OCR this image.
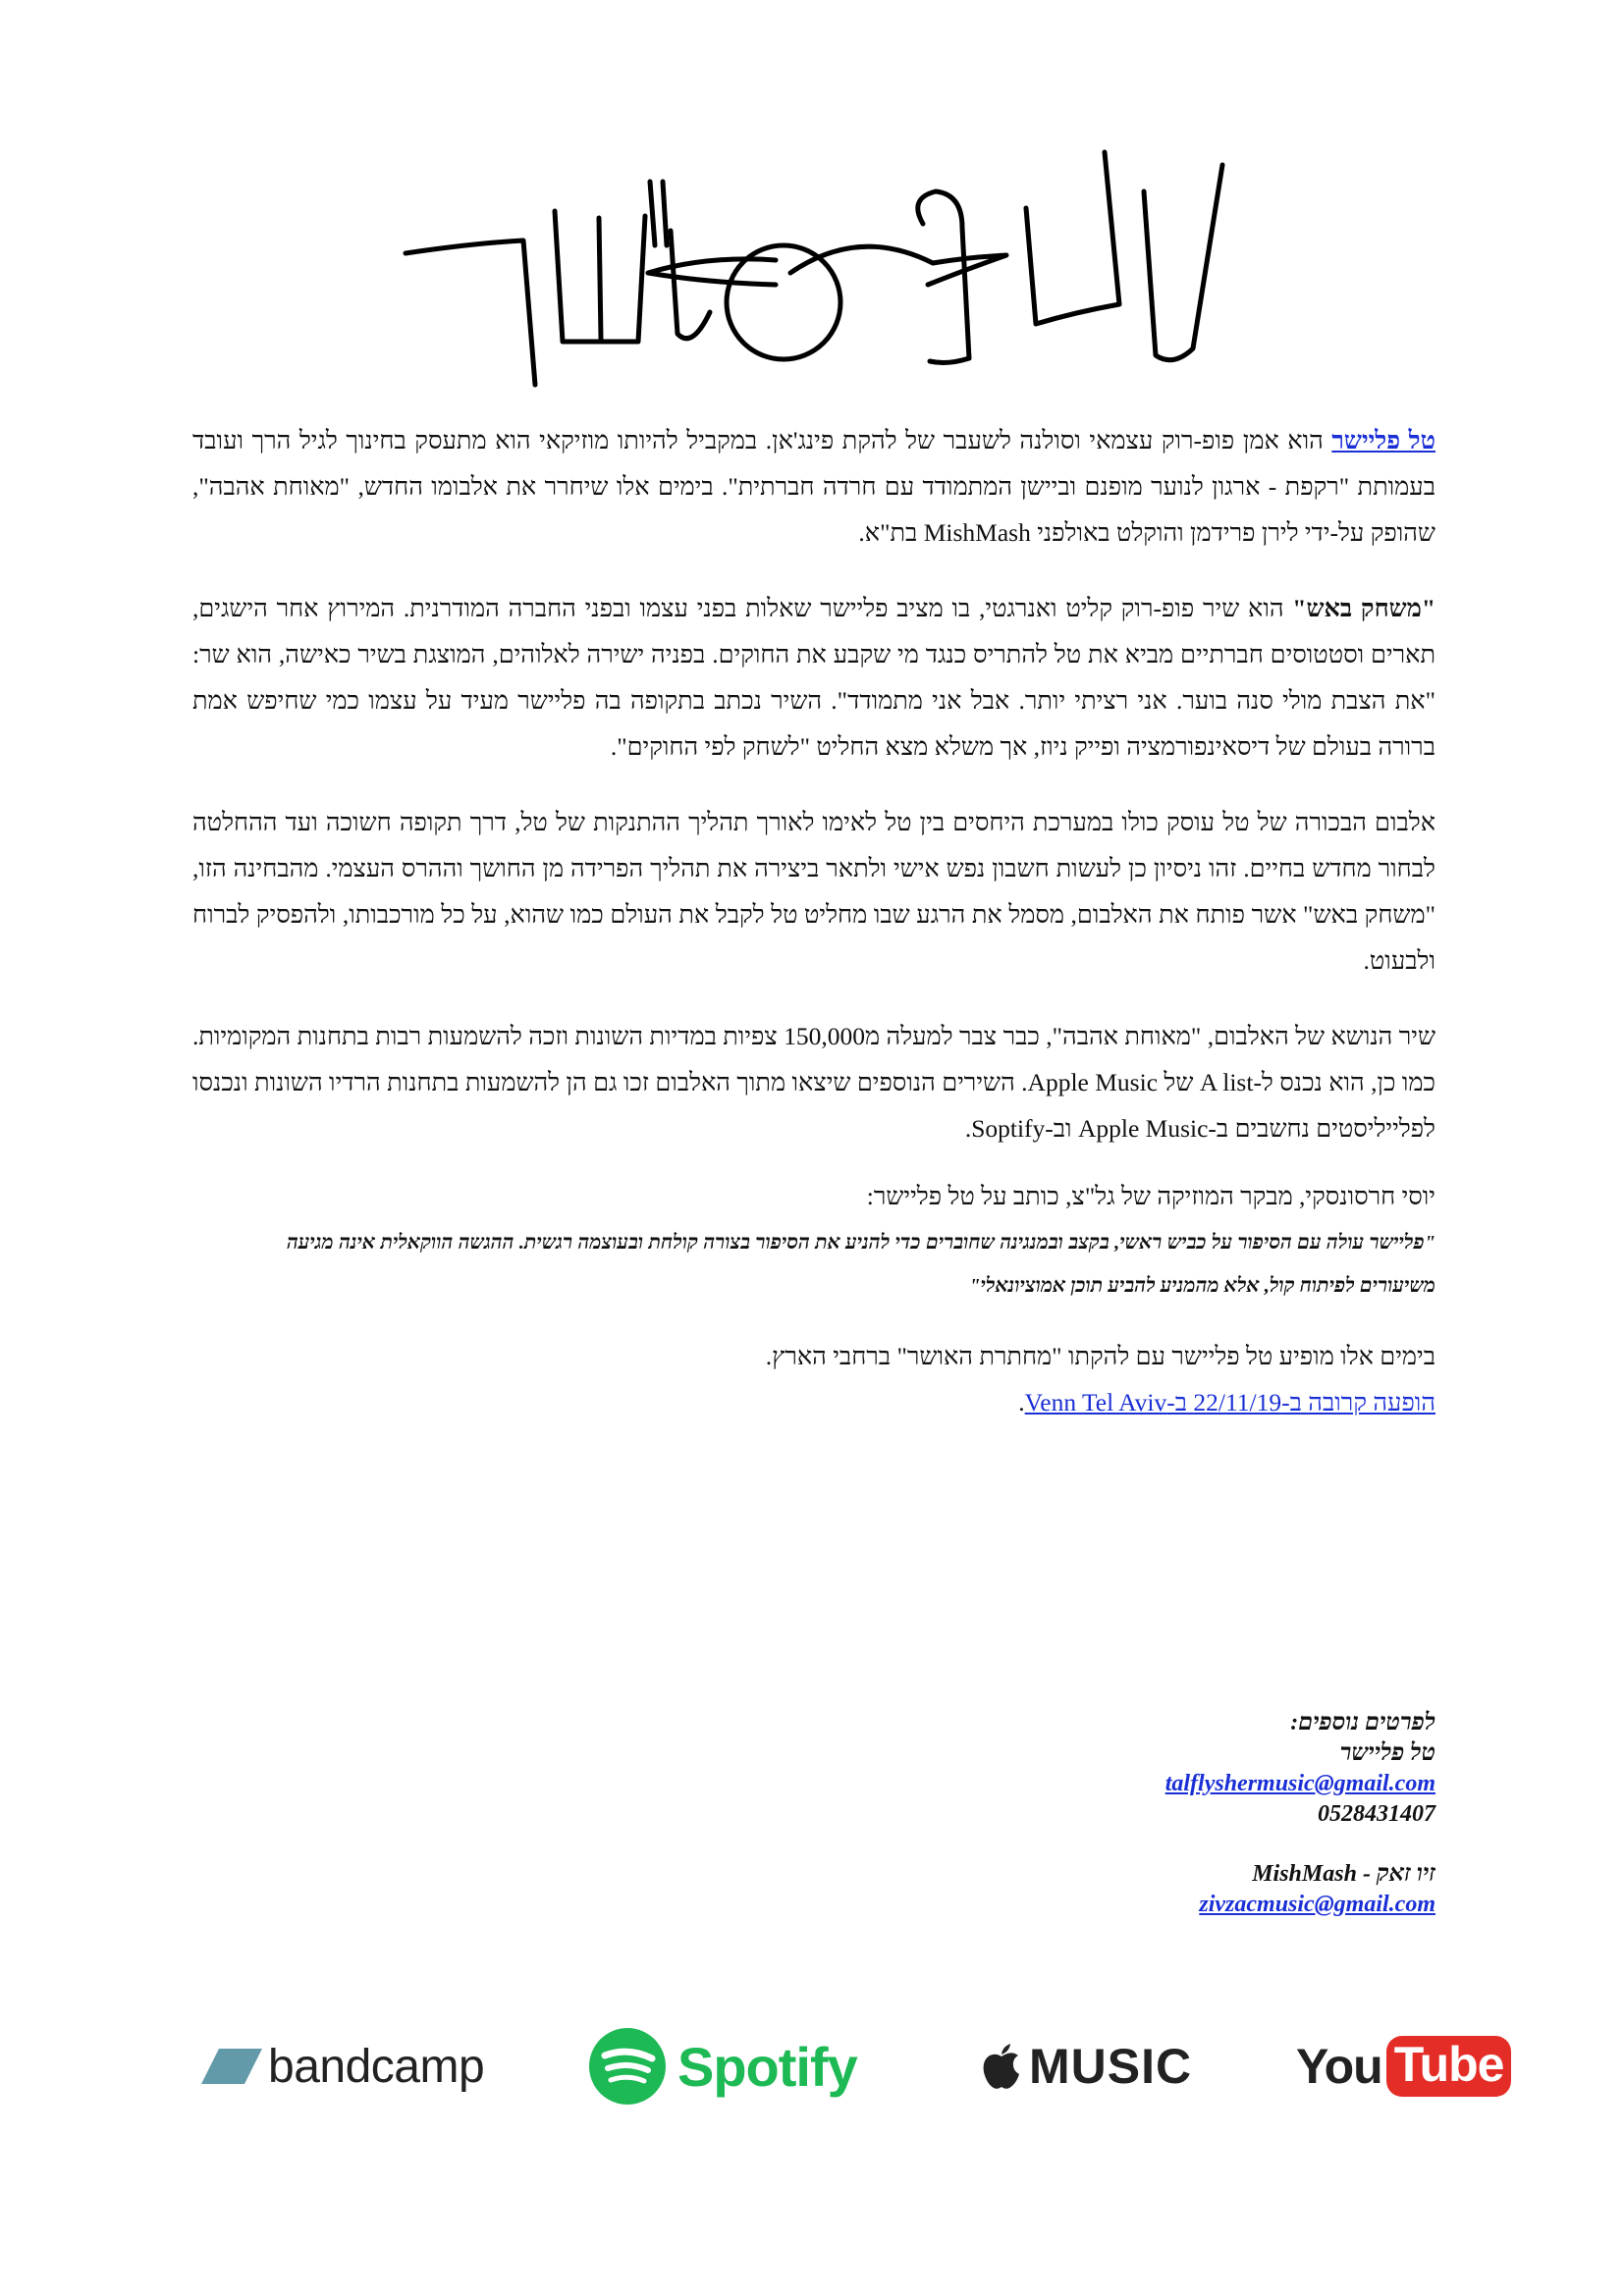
טל פליישר הוא אמן פופ-רוק עצמאי וסולנה לשעבר של להקת פינג'אן. במקביל להיותו מוזיקאי הוא מתעסק בחינוך לגיל הרך ועובד בעמותת "רקפת - ארגון לנוער מופנם וביישן המתמודד עם חרדה חברתית". בימים אלו שיחרר את אלבומו החדש, "מאוחת אהבה", שהופק על-ידי לירן פרידמן והוקלט באולפני MishMash בת"א.

"משחק באש" הוא שיר פופ-רוק קליט ואנרגטי, בו מציב פליישר שאלות בפני עצמו ובפני החברה המודרנית. המירוץ אחר הישגים, תארים וסטטוסים חברתיים מביא את טל להתריס כנגד מי שקבע את החוקים. בפניה ישירה לאלוהים, המוצגת בשיר כאישה, הוא שר: "את הצבת מולי סנה בוער. אני רציתי יותר. אבל אני מתמודד". השיר נכתב בתקופה בה פליישר מעיד על עצמו כמי שחיפש אמת ברורה בעולם של דיסאינפורמציה ופייק ניוז, אך משלא מצא החליט "לשחק לפי החוקים".

אלבום הבכורה של טל עוסק כולו במערכת היחסים בין טל לאימו לאורך תהליך ההתנקות של טל, דרך תקופה חשוכה ועד ההחלטה לבחור מחדש בחיים. זהו ניסיון כן לעשות חשבון נפש אישי ולתאר ביצירה את תהליך הפרידה מן החושך וההרס העצמי. מהבחינה הזו, "משחק באש" אשר פותח את האלבום, מסמל את הרגע שבו מחליט טל לקבל את העולם כמו שהוא, על כל מורכבותו, ולהפסיק לברוח ולבעוט.

שיר הנושא של האלבום, "מאוחת אהבה", כבר צבר למעלה מ150,000 צפיות במדיות השונות וזכה להשמעות רבות בתחנות המקומיות. כמו כן, הוא נכנס ל-A list של Apple Music. השירים הנוספים שיצאו מתוך האלבום זכו גם הן להשמעות בתחנות הרדיו השונות ונכנסו לפלייליסטים נחשבים ב-Apple Music וב-Soptify.

יוסי חרסונסקי, מבקר המוזיקה של גל"צ, כותב על טל פליישר:

"פליישר עולה עם הסיפור על כביש ראשי, בקצב ובמנגינה שחוברים כדי להניע את הסיפור בצורה קולחת ובעוצמה רגשית. ההגשה הווקאלית אינה מגיעה משיעורים לפיתוח קול, אלא מהמניע להביע תוכן אמוציונאלי"

בימים אלו מופיע טל פליישר עם להקתו "מחתרת האושר" ברחבי הארץ.

הופעה קרובה ב-22/11/19 ב-Venn Tel Aviv.

לפרטים נוספים:
טל פליישר
talflyshermusic@gmail.com
0528431407
זיו זאק - MishMash
zivzacmusic@gmail.com
bandcamp	Spotify	MUSIC You Tube
